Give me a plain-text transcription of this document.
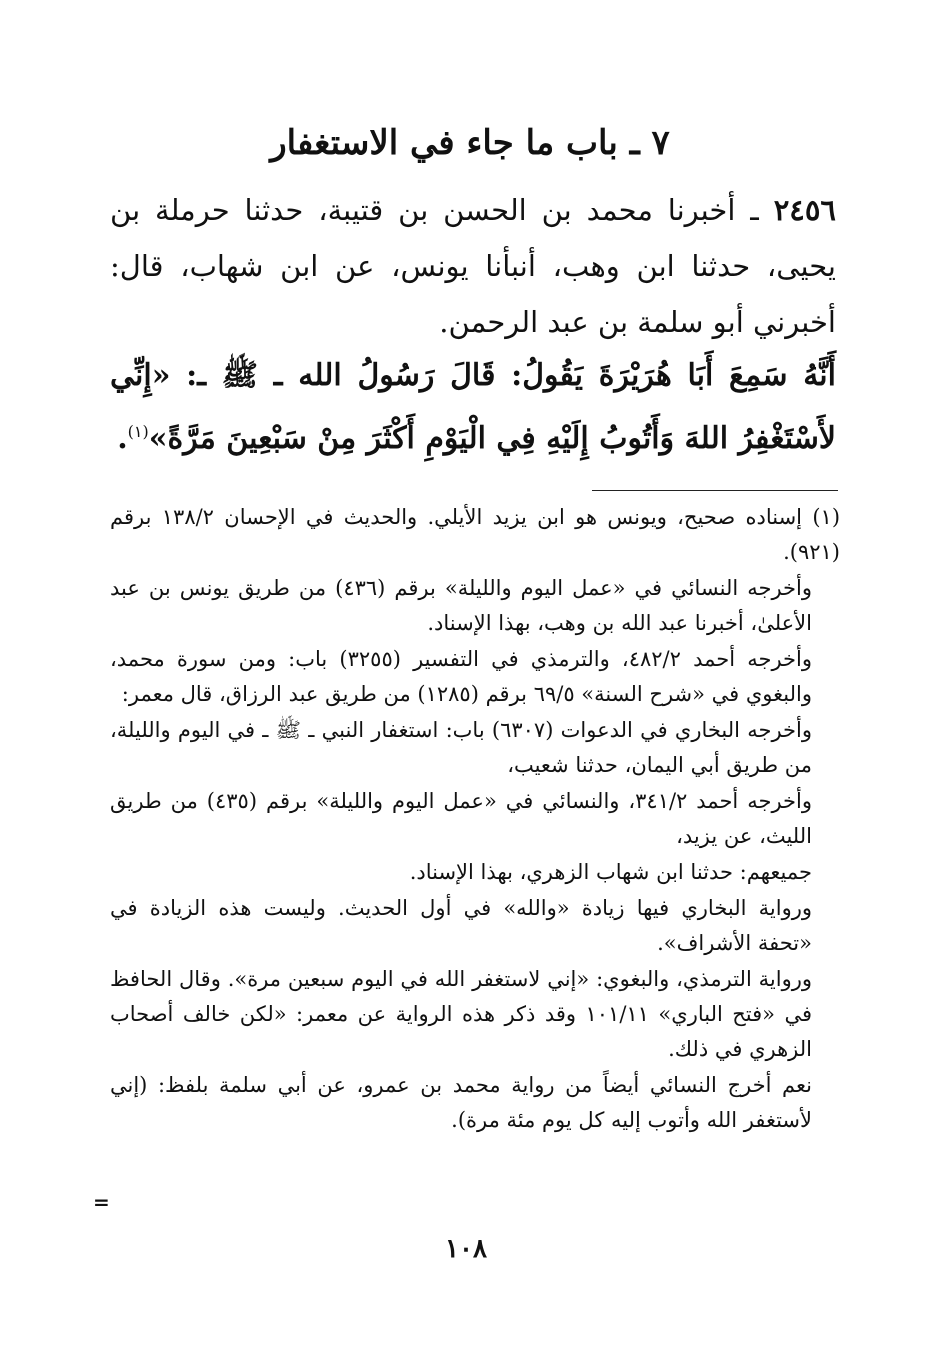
٧ ـ باب ما جاء في الاستغفار

٢٤٥٦ ـ أخبرنا محمد بن الحسن بن قتيبة، حدثنا حرملة بن يحيى، حدثنا ابن وهب، أنبأنا يونس، عن ابن شهاب، قال: أخبرني أبو سلمة بن عبد الرحمن.

أَنَّهُ سَمِعَ أَبَا هُرَيْرَةَ يَقُولُ: قَالَ رَسُولُ الله ـ ﷺ ـ: «إِنِّي لأَسْتَغْفِرُ اللهَ وَأَتُوبُ إِلَيْهِ فِي الْيَوْمِ أَكْثَرَ مِنْ سَبْعِينَ مَرَّةً»$^{(١)}$.

(١) إسناده صحيح، ويونس هو ابن يزيد الأيلي. والحديث في الإحسان ١٣٨/٢ برقم (٩٢١).

وأخرجه النسائي في «عمل اليوم والليلة» برقم (٤٣٦) من طريق يونس بن عبد الأعلىٰ، أخبرنا عبد الله بن وهب، بهذا الإسناد.

وأخرجه أحمد ٤٨٢/٢، والترمذي في التفسير (٣٢٥٥) باب: ومن سورة محمد، والبغوي في «شرح السنة» ٦٩/٥ برقم (١٢٨٥) من طريق عبد الرزاق، قال معمر:

وأخرجه البخاري في الدعوات (٦٣٠٧) باب: استغفار النبي ـ ﷺ ـ في اليوم والليلة، من طريق أبي اليمان، حدثنا شعيب،

وأخرجه أحمد ٣٤١/٢، والنسائي في «عمل اليوم والليلة» برقم (٤٣٥) من طريق الليث، عن يزيد،

جميعهم: حدثنا ابن شهاب الزهري، بهذا الإسناد.

ورواية البخاري فيها زيادة «والله» في أول الحديث. وليست هذه الزيادة في «تحفة الأشراف».

ورواية الترمذي، والبغوي: «إني لاستغفر الله في اليوم سبعين مرة». وقال الحافظ في «فتح الباري» ١٠١/١١ وقد ذكر هذه الرواية عن معمر: «لكن خالف أصحاب الزهري في ذلك.

نعم أخرج النسائي أيضاً من رواية محمد بن عمرو، عن أبي سلمة بلفظ: (إني لأستغفر الله وأتوب إليه كل يوم مئة مرة).

=
١٠٨
